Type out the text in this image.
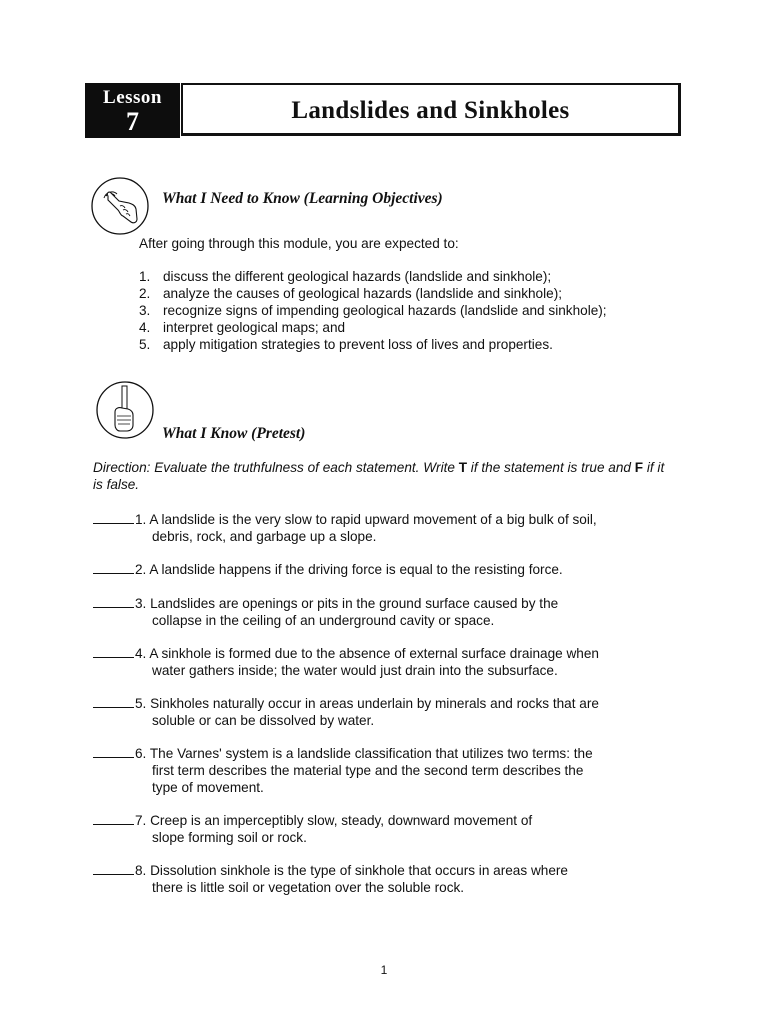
Lesson
7	Landslides and Sinkholes
What I Need to Know (Learning Objectives)
After going through this module, you are expected to:
1. discuss the different geological hazards (landslide and sinkhole);
2. analyze the causes of geological hazards (landslide and sinkhole);
3. recognize signs of impending geological hazards (landslide and sinkhole);
4. interpret geological maps; and
5. apply mitigation strategies to prevent loss of lives and properties.
What I Know (Pretest)
Direction: Evaluate the truthfulness of each statement. Write T if the statement is true and F if it is false.
1. A landslide is the very slow to rapid upward movement of a big bulk of soil,
debris, rock, and garbage up a slope.
2. A landslide happens if the driving force is equal to the resisting force.
3. Landslides are openings or pits in the ground surface caused by the
collapse in the ceiling of an underground cavity or space.
4. A sinkhole is formed due to the absence of external surface drainage when
water gathers inside; the water would just drain into the subsurface.
5. Sinkholes naturally occur in areas underlain by minerals and rocks that are
soluble or can be dissolved by water.
6. The Varnes' system is a landslide classification that utilizes two terms: the
first term describes the material type and the second term describes the
type of movement.
7. Creep is an imperceptibly slow, steady, downward movement of
slope forming soil or rock.
8. Dissolution sinkhole is the type of sinkhole that occurs in areas where
there is little soil or vegetation over the soluble rock.
1
